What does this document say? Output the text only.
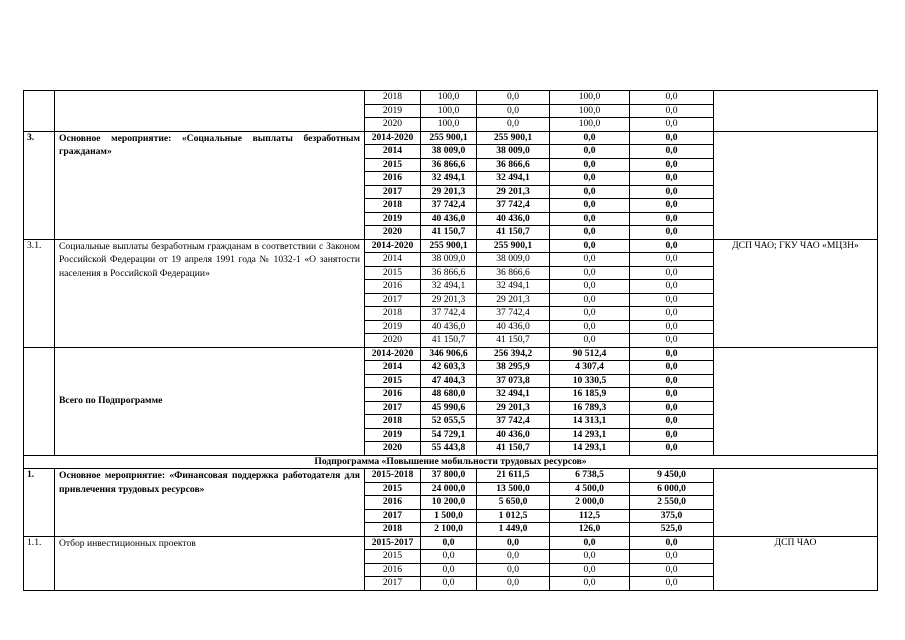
		2018	100,0	0,0	100,0	0,0	
		2019	100,0	0,0	100,0	0,0	
		2020	100,0	0,0	100,0	0,0	
3.	Основное мероприятие: «Социальные выплаты безработным гражданам»	2014-2020	255 900,1	255 900,1	0,0	0,0	
		2014	38 009,0	38 009,0	0,0	0,0	
		2015	36 866,6	36 866,6	0,0	0,0	
		2016	32 494,1	32 494,1	0,0	0,0	
		2017	29 201,3	29 201,3	0,0	0,0	
		2018	37 742,4	37 742,4	0,0	0,0	
		2019	40 436,0	40 436,0	0,0	0,0	
		2020	41 150,7	41 150,7	0,0	0,0	
3.1.	Социальные выплаты безработным гражданам в соответствии с Законом Российской Федерации от 19 апреля 1991 года № 1032-1 «О занятости населения в Российской Федерации»	2014-2020	255 900,1	255 900,1	0,0	0,0	ДСП ЧАО; ГКУ ЧАО «МЦЗН»
		2014	38 009,0	38 009,0	0,0	0,0	
		2015	36 866,6	36 866,6	0,0	0,0	
		2016	32 494,1	32 494,1	0,0	0,0	
		2017	29 201,3	29 201,3	0,0	0,0	
		2018	37 742,4	37 742,4	0,0	0,0	
		2019	40 436,0	40 436,0	0,0	0,0	
		2020	41 150,7	41 150,7	0,0	0,0	
	Всего по Подпрограмме	2014-2020	346 906,6	256 394,2	90 512,4	0,0	
		2014	42 603,3	38 295,9	4 307,4	0,0	
		2015	47 404,3	37 073,8	10 330,5	0,0	
		2016	48 680,0	32 494,1	16 185,9	0,0	
		2017	45 990,6	29 201,3	16 789,3	0,0	
		2018	52 055,5	37 742,4	14 313,1	0,0	
		2019	54 729,1	40 436,0	14 293,1	0,0	
		2020	55 443,8	41 150,7	14 293,1	0,0	
Подпрограмма «Повышение мобильности трудовых ресурсов»							
1.	Основное мероприятие: «Финансовая поддержка работодателя для привлечения трудовых ресурсов»	2015-2018	37 800,0	21 611,5	6 738,5	9 450,0	
		2015	24 000,0	13 500,0	4 500,0	6 000,0	
		2016	10 200,0	5 650,0	2 000,0	2 550,0	
		2017	1 500,0	1 012,5	112,5	375,0	
		2018	2 100,0	1 449,0	126,0	525,0	
1.1.	Отбор инвестиционных проектов	2015-2017	0,0	0,0	0,0	0,0	ДСП ЧАО
		2015	0,0	0,0	0,0	0,0	
		2016	0,0	0,0	0,0	0,0	
		2017	0,0	0,0	0,0	0,0	
